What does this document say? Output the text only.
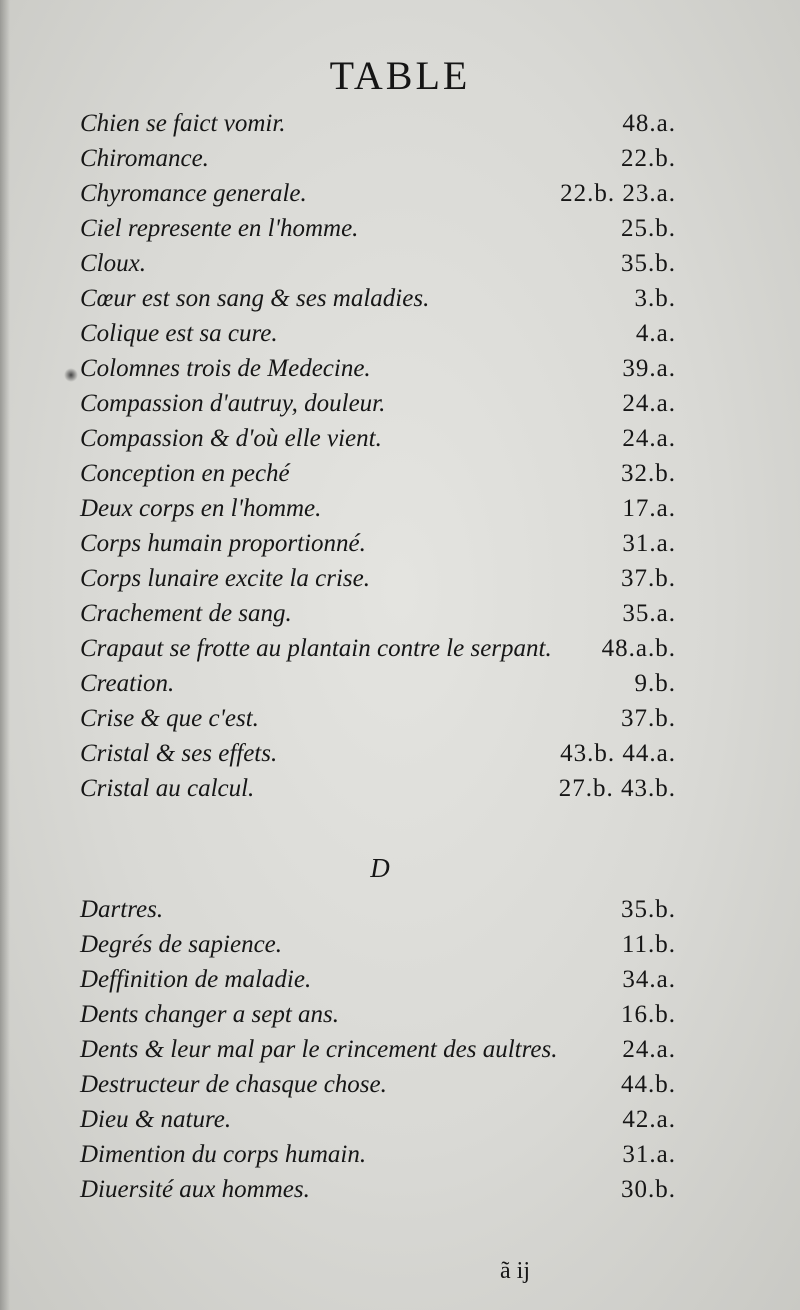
TABLE
Chien se faict vomir.	48.a.
Chiromance.	22.b.
Chyromance generale.	22.b. 23.a.
Ciel represente en l'homme.	25.b.
Cloux.	35.b.
Cœur est son sang & ses maladies.	3.b.
Colique est sa cure.	4.a.
Colomnes trois de Medecine.	39.a.
Compassion d'autruy, douleur.	24.a.
Compassion & d'où elle vient.	24.a.
Conception en peché	32.b.
Deux corps en l'homme.	17.a.
Corps humain proportionné.	31.a.
Corps lunaire excite la crise.	37.b.
Crachement de sang.	35.a.
Crapaut se frotte au plantain contre le serpant. 48.a.b.
Creation.	9.b.
Crise & que c'est.	37.b.
Cristal & ses effets.	43.b. 44.a.
Cristal au calcul.	27.b. 43.b.
D
Dartres.	35.b.
Degrés de sapience.	11.b.
Deffinition de maladie.	34.a.
Dents changer a sept ans.	16.b.
Dents & leur mal par le crincement des aultres.	24.a.
Destructeur de chasque chose.	44.b.
Dieu & nature.	42.a.
Dimention du corps humain.	31.a.
Diuersité aux hommes.	30.b.
ã ij
